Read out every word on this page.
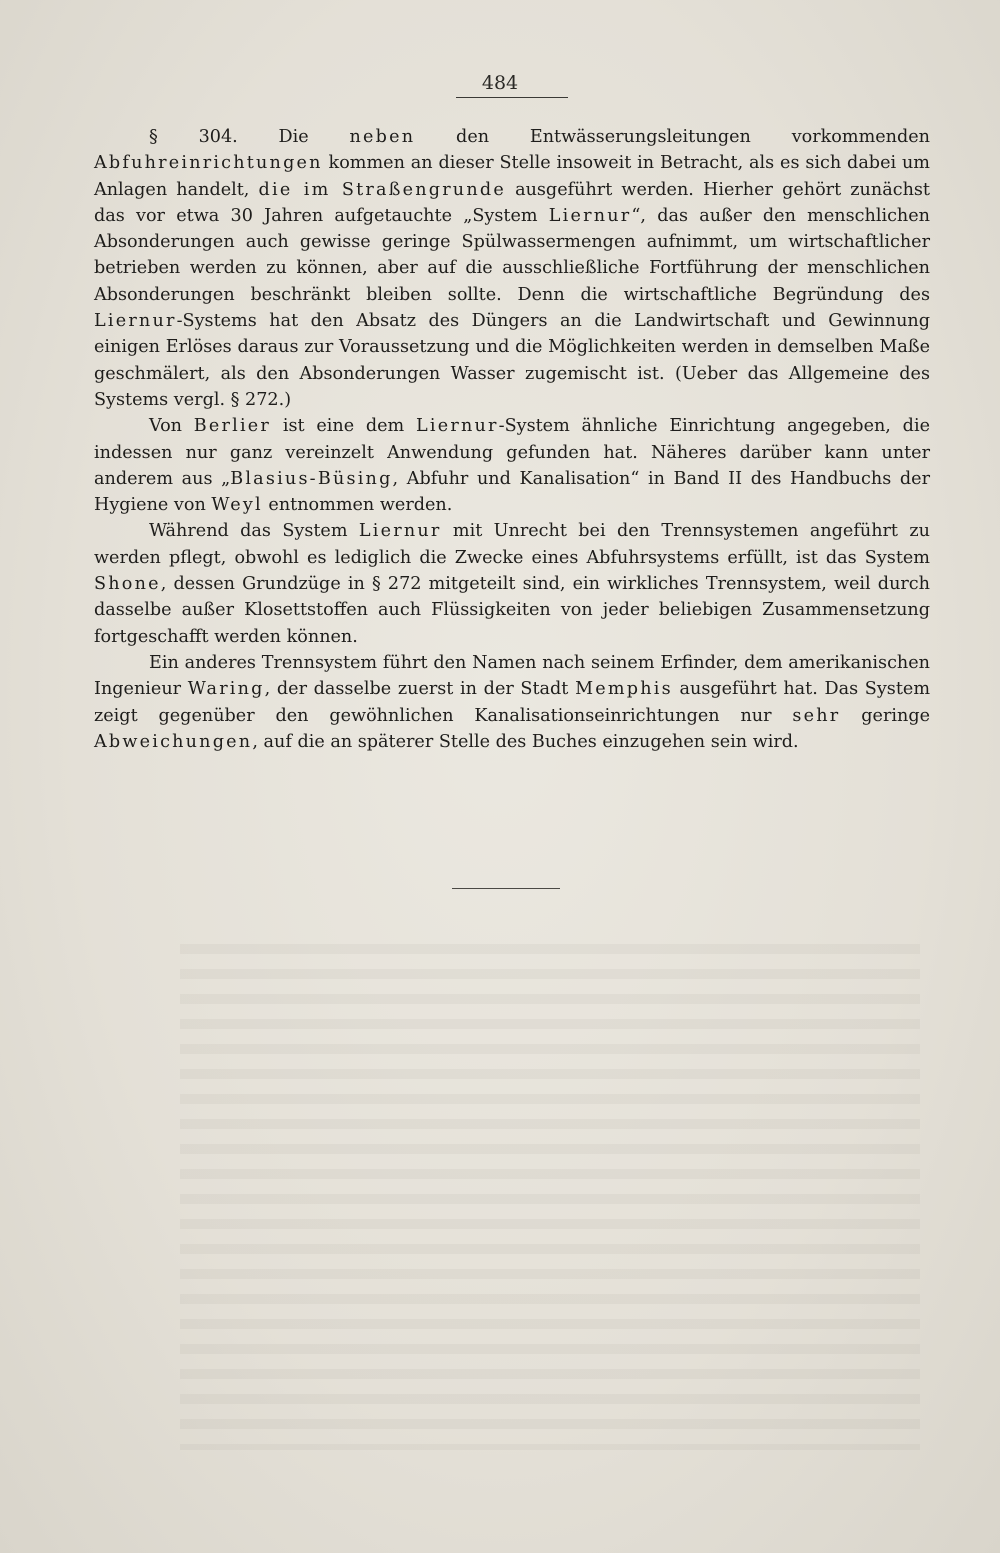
484

§ 304. Die neben den Entwässerungsleitungen vorkommenden Abfuhreinrichtungen kommen an dieser Stelle insoweit in Betracht, als es sich dabei um Anlagen handelt, die im Straßengrunde ausgeführt werden. Hierher gehört zunächst das vor etwa 30 Jahren aufgetauchte „System Liernur“, das außer den menschlichen Absonderungen auch gewisse geringe Spülwassermengen aufnimmt, um wirtschaftlicher betrieben werden zu können, aber auf die ausschließliche Fortführung der menschlichen Absonderungen beschränkt bleiben sollte. Denn die wirtschaftliche Begründung des Liernur-Systems hat den Absatz des Düngers an die Landwirtschaft und Gewinnung einigen Erlöses daraus zur Voraussetzung und die Möglichkeiten werden in demselben Maße geschmälert, als den Absonderungen Wasser zugemischt ist. (Ueber das Allgemeine des Systems vergl. § 272.)

Von Berlier ist eine dem Liernur-System ähnliche Einrichtung angegeben, die indessen nur ganz vereinzelt Anwendung gefunden hat. Näheres darüber kann unter anderem aus „Blasius-Büsing, Abfuhr und Kanalisation“ in Band II des Handbuchs der Hygiene von Weyl entnommen werden.

Während das System Liernur mit Unrecht bei den Trennsystemen angeführt zu werden pflegt, obwohl es lediglich die Zwecke eines Abfuhrsystems erfüllt, ist das System Shone, dessen Grundzüge in § 272 mitgeteilt sind, ein wirkliches Trennsystem, weil durch dasselbe außer Klosettstoffen auch Flüssigkeiten von jeder beliebigen Zusammensetzung fortgeschafft werden können.

Ein anderes Trennsystem führt den Namen nach seinem Erfinder, dem amerikanischen Ingenieur Waring, der dasselbe zuerst in der Stadt Memphis ausgeführt hat. Das System zeigt gegenüber den gewöhnlichen Kanalisationseinrichtungen nur sehr geringe Abweichungen, auf die an späterer Stelle des Buches einzugehen sein wird.
